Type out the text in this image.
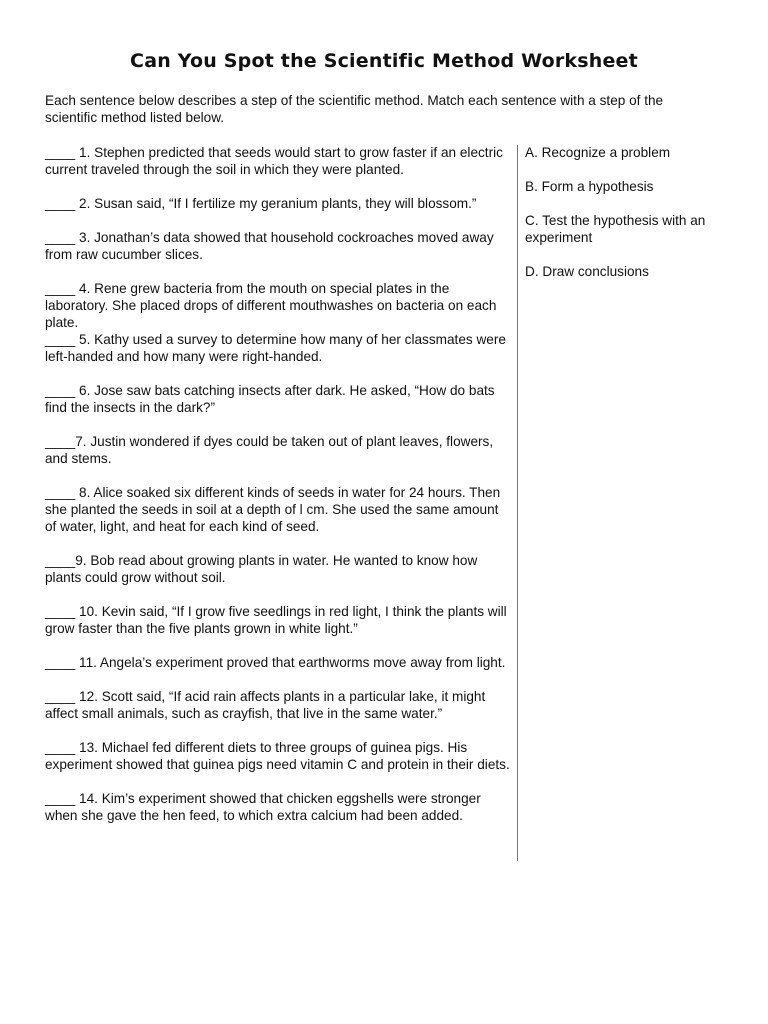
Can You Spot the Scientific Method Worksheet
Each sentence below describes a step of the scientific method. Match each sentence with a step of the scientific method listed below.
____ 1. Stephen predicted that seeds would start to grow faster if an electric current traveled through the soil in which they were planted.
____ 2. Susan said, “If I fertilize my geranium plants, they will blossom.”
____ 3. Jonathan’s data showed that household cockroaches moved away from raw cucumber slices.
____ 4. Rene grew bacteria from the mouth on special plates in the laboratory. She placed drops of different mouthwashes on bacteria on each plate.
____ 5. Kathy used a survey to determine how many of her classmates were left-handed and how many were right-handed.
____ 6. Jose saw bats catching insects after dark. He asked, “How do bats find the insects in the dark?”
____7. Justin wondered if dyes could be taken out of plant leaves, flowers, and stems.
____ 8. Alice soaked six different kinds of seeds in water for 24 hours. Then she planted the seeds in soil at a depth of l cm. She used the same amount of water, light, and heat for each kind of seed.
____9. Bob read about growing plants in water. He wanted to know how plants could grow without soil.
____ 10. Kevin said, “If I grow five seedlings in red light, I think the plants will grow faster than the five plants grown in white light.”
____ 11. Angela’s experiment proved that earthworms move away from light.
____ 12. Scott said, “If acid rain affects plants in a particular lake, it might affect small animals, such as crayfish, that live in the same water.”
____ 13. Michael fed different diets to three groups of guinea pigs. His experiment showed that guinea pigs need vitamin C and protein in their diets.
____ 14. Kim’s experiment showed that chicken eggshells were stronger when she gave the hen feed, to which extra calcium had been added.
A. Recognize a problem
B. Form a hypothesis
C. Test the hypothesis with an experiment
D. Draw conclusions
